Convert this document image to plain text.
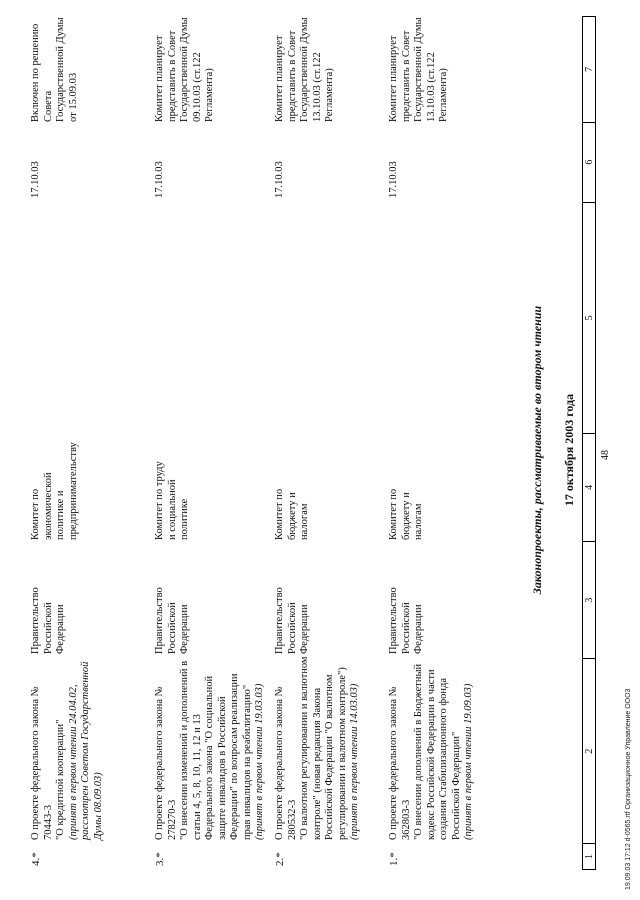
48
17 октября 2003 года
1
2
3
4
5
6
7
Законопроекты, рассматриваемые во втором чтении
1.*
О проекте федерального закона № 362803-3 "О внесении дополнений в Бюджетный кодекс Российской Федерации в части создания Стабилизационного фонда Российской Федерации" (принят в первом чтении 19.09.03)
Правительство Российской Федерации
Комитет по бюджету и налогам
17.10.03
Комитет планирует представить в Совет Государственной Думы 13.10.03 (ст.122 Регламента)
2.*
О проекте федерального закона № 280532-3 "О валютном регулировании и валютном контроле" (новая редакция Закона Российской Федерации "О валютном регулировании и валютном контроле") (принят в первом чтении 14.03.03)
Правительство Российской Федерации
Комитет по бюджету и налогам
17.10.03
Комитет планирует представить в Совет Государственной Думы 13.10.03 (ст.122 Регламента)
3.*
О проекте федерального закона № 278270-3 "О внесении изменений и дополнений в статьи 4, 5, 8, 10, 11, 12 и 13 Федерального закона "О социальной защите инвалидов в Российской Федерации" по вопросам реализации прав инвалидов на реабилитацию" (принят в первом чтении 19.03.03)
Правительство Российской Федерации
Комитет по труду и социальной политике
17.10.03
Комитет планирует представить в Совет Государственной Думы 09.10.03 (ст.122 Регламента)
4.*
О проекте федерального закона № 70443-3 "О кредитной кооперации" (принят в первом чтении 24.04.02, рассмотрен Советом Государственной Думы 08.09.03)
Правительство Российской Федерации
Комитет по экономической политике и предпринимательству
17.10.03
Включен по решению Совета Государственной Думы от 15.09.03
19.09.03 17:12 d-0565.rtf Организационное Управление ООО3
